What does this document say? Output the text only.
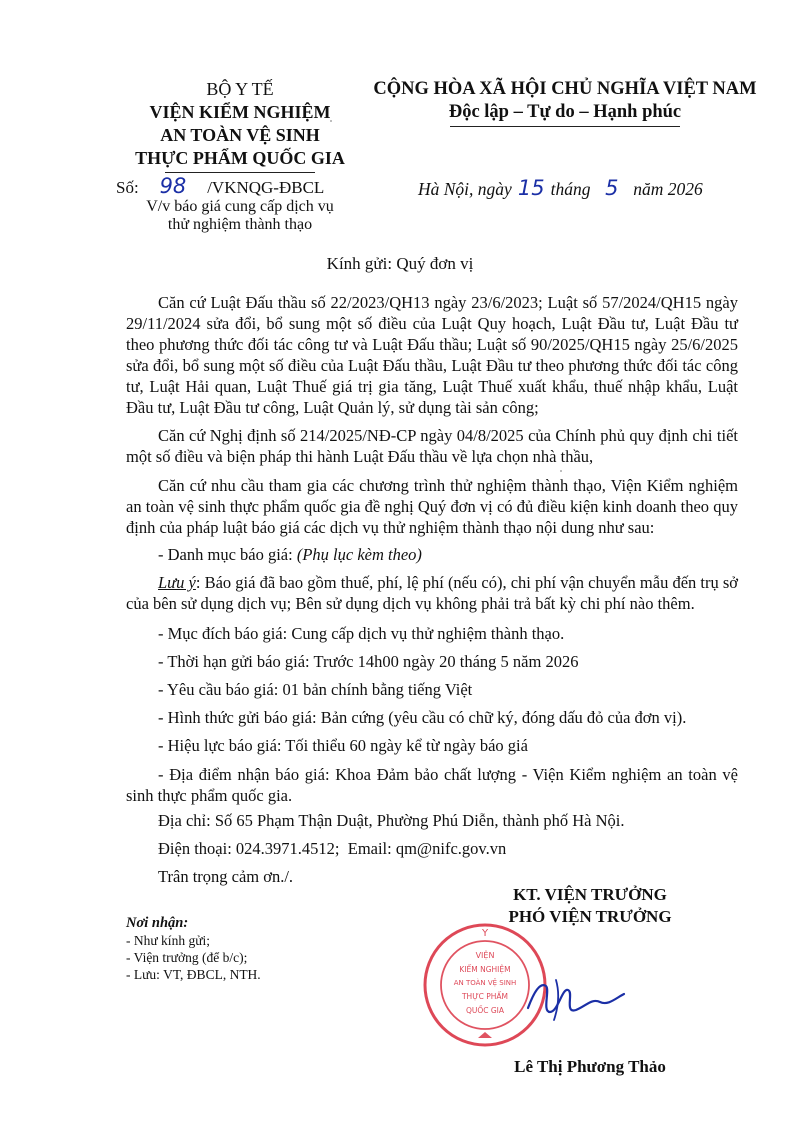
BỘ Y TẾ
VIỆN KIỂM NGHIỆM
AN TOÀN VỆ SINH
THỰC PHẨM QUỐC GIA
Số: 98 /VKNQG-ĐBCL
V/v báo giá cung cấp dịch vụ
thử nghiệm thành thạo
CỘNG HÒA XÃ HỘI CHỦ NGHĨA VIỆT NAM
Độc lập – Tự do – Hạnh phúc
Hà Nội, ngày 15 tháng 5 năm 2026
Kính gửi: Quý đơn vị
Căn cứ Luật Đấu thầu số 22/2023/QH13 ngày 23/6/2023; Luật số 57/2024/QH15 ngày 29/11/2024 sửa đổi, bổ sung một số điều của Luật Quy hoạch, Luật Đầu tư, Luật Đầu tư theo phương thức đối tác công tư và Luật Đấu thầu; Luật số 90/2025/QH15 ngày 25/6/2025 sửa đổi, bổ sung một số điều của Luật Đấu thầu, Luật Đầu tư theo phương thức đối tác công tư, Luật Hải quan, Luật Thuế giá trị gia tăng, Luật Thuế xuất khẩu, thuế nhập khẩu, Luật Đầu tư, Luật Đầu tư công, Luật Quản lý, sử dụng tài sản công;
Căn cứ Nghị định số 214/2025/NĐ-CP ngày 04/8/2025 của Chính phủ quy định chi tiết một số điều và biện pháp thi hành Luật Đấu thầu về lựa chọn nhà thầu,
Căn cứ nhu cầu tham gia các chương trình thử nghiệm thành thạo, Viện Kiểm nghiệm an toàn vệ sinh thực phẩm quốc gia đề nghị Quý đơn vị có đủ điều kiện kinh doanh theo quy định của pháp luật báo giá các dịch vụ thử nghiệm thành thạo nội dung như sau:
- Danh mục báo giá: (Phụ lục kèm theo)
Lưu ý: Báo giá đã bao gồm thuế, phí, lệ phí (nếu có), chi phí vận chuyển mẫu đến trụ sở của bên sử dụng dịch vụ; Bên sử dụng dịch vụ không phải trả bất kỳ chi phí nào thêm.
- Mục đích báo giá: Cung cấp dịch vụ thử nghiệm thành thạo.
- Thời hạn gửi báo giá: Trước 14h00 ngày 20 tháng 5 năm 2026
- Yêu cầu báo giá: 01 bản chính bằng tiếng Việt
- Hình thức gửi báo giá: Bản cứng (yêu cầu có chữ ký, đóng dấu đỏ của đơn vị).
- Hiệu lực báo giá: Tối thiểu 60 ngày kể từ ngày báo giá
- Địa điểm nhận báo giá: Khoa Đảm bảo chất lượng - Viện Kiểm nghiệm an toàn vệ sinh thực phẩm quốc gia.
Địa chỉ: Số 65 Phạm Thận Duật, Phường Phú Diễn, thành phố Hà Nội.
Điện thoại: 024.3971.4512;  Email: qm@nifc.gov.vn
Trân trọng cảm ơn./.
Nơi nhận:
- Như kính gửi;
- Viện trưởng (để b/c);
- Lưu: VT, ĐBCL, NTH.
KT. VIỆN TRƯỞNG
PHÓ VIỆN TRƯỞNG
Y
VIỆN
KIỂM NGHIỆM
AN TOÀN VỆ SINH
THỰC PHẨM
QUỐC GIA
Lê Thị Phương Thảo
